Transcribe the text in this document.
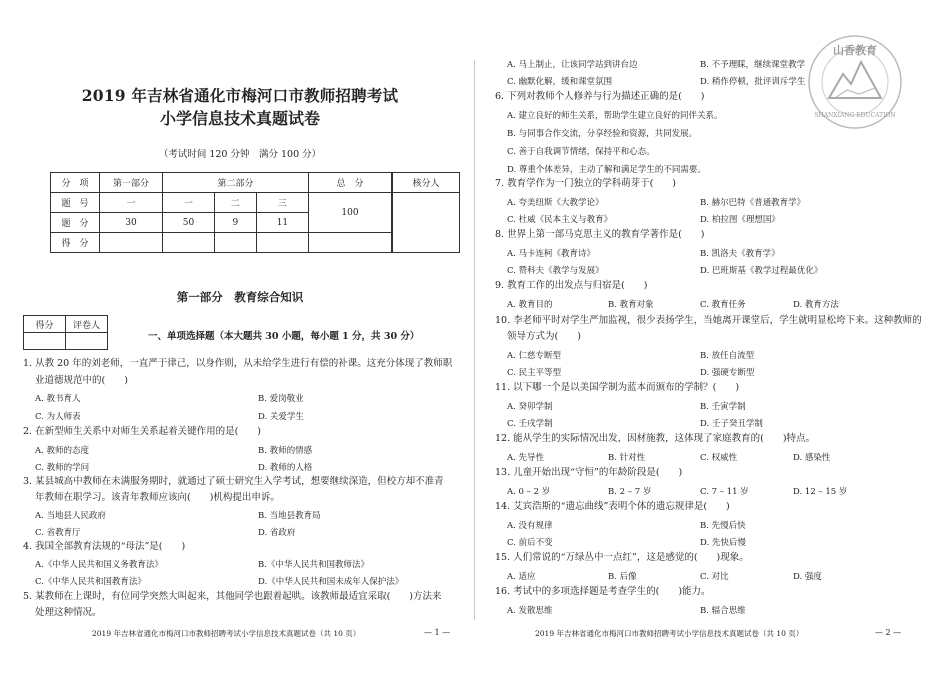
2019 年吉林省通化市梅河口市教师招聘考试
小学信息技术真题试卷
（考试时间 120 分钟　满分 100 分）
分　项	第一部分	第二部分			总　分	核分人
题　号	一	一	二	三	100	
题　分	30	50	9	11		
得　分						
第一部分　教育综合知识
得分	评卷人

一、单项选择题（本大题共 30 小题，每小题 1 分，共 30 分）
1. 从教 20 年的刘老师，一直严于律己，以身作则，从未给学生进行有偿的补课。这充分体现了教师职
业道德规范中的(　　)
A. 教书育人	B. 爱岗敬业
C. 为人师表	D. 关爱学生
2. 在新型师生关系中对师生关系起着关键作用的是(　　)
A. 教师的态度	B. 教师的情感
C. 教师的学问	D. 教师的人格
3. 某县城高中教师在未满服务期时，就通过了硕士研究生入学考试，想要继续深造，但校方却不准青
年教师在职学习。该青年教师应该向(　　)机构提出申诉。
A. 当地县人民政府	B. 当地县教育局
C. 省教育厅	D. 省政府
4. 我国全部教育法规的“母法”是(　　)
A.《中华人民共和国义务教育法》	B.《中华人民共和国教师法》
C.《中华人民共和国教育法》	D.《中华人民共和国未成年人保护法》
5. 某教师在上课时，有位同学突然大叫起来，其他同学也跟着起哄。该教师最适宜采取(　　)方法来
处理这种情况。
2019 年吉林省通化市梅河口市教师招聘考试小学信息技术真题试卷（共 10 页）	— 1 —
A. 马上制止，让该同学站到讲台边	B. 不予理睬，继续课堂教学
C. 幽默化解，缓和课堂氛围	D. 稍作停顿，批评训斥学生
6. 下列对教师个人修养与行为描述正确的是(　　)
A. 建立良好的师生关系，帮助学生建立良好的同伴关系。
B. 与同事合作交流，分享经验和资源，共同发展。
C. 善于自我调节情绪，保持平和心态。
D. 尊重个体差异，主动了解和满足学生的不同需要。
7. 教育学作为一门独立的学科萌芽于(　　)
A. 夸美纽斯《大教学论》	B. 赫尔巴特《普通教育学》
C. 杜威《民本主义与教育》	D. 柏拉图《理想国》
8. 世界上第一部马克思主义的教育学著作是(　　)
A. 马卡连柯《教育诗》	B. 凯洛夫《教育学》
C. 赞科夫《教学与发展》	D. 巴班斯基《教学过程最优化》
9. 教育工作的出发点与归宿是(　　)
A. 教育目的	B. 教育对象	C. 教育任务	D. 教育方法
10. 李老师平时对学生严加监视，很少表扬学生，当她离开课堂后，学生就明显松垮下来。这种教师的
领导方式为(　　)
A. 仁慈专断型	B. 放任自流型
C. 民主平等型	D. 强硬专断型
11. 以下哪一个是以美国学制为蓝本而颁布的学制？(　　)
A. 癸卯学制	B. 壬寅学制
C. 壬戌学制	D. 壬子癸丑学制
12. 能从学生的实际情况出发，因材施教，这体现了家庭教育的(　　)特点。
A. 先导性	B. 针对性	C. 权威性	D. 感染性
13. 儿童开始出现“守恒”的年龄阶段是(　　)
A. 0 – 2 岁	B. 2 – 7 岁	C. 7 – 11 岁	D. 12 – 15 岁
14. 艾宾浩斯的“遗忘曲线”表明个体的遗忘规律是(　　)
A. 没有规律	B. 先慢后快
C. 前后不变	D. 先快后慢
15. 人们常说的“万绿丛中一点红”，这是感觉的(　　)现象。
A. 适应	B. 后像	C. 对比	D. 强度
16. 考试中的多项选择题是考查学生的(　　)能力。
A. 发散思维	B. 辐合思维
2019 年吉林省通化市梅河口市教师招聘考试小学信息技术真题试卷（共 10 页）	— 2 —
山香教育
SHANXIANG EDUCATION
